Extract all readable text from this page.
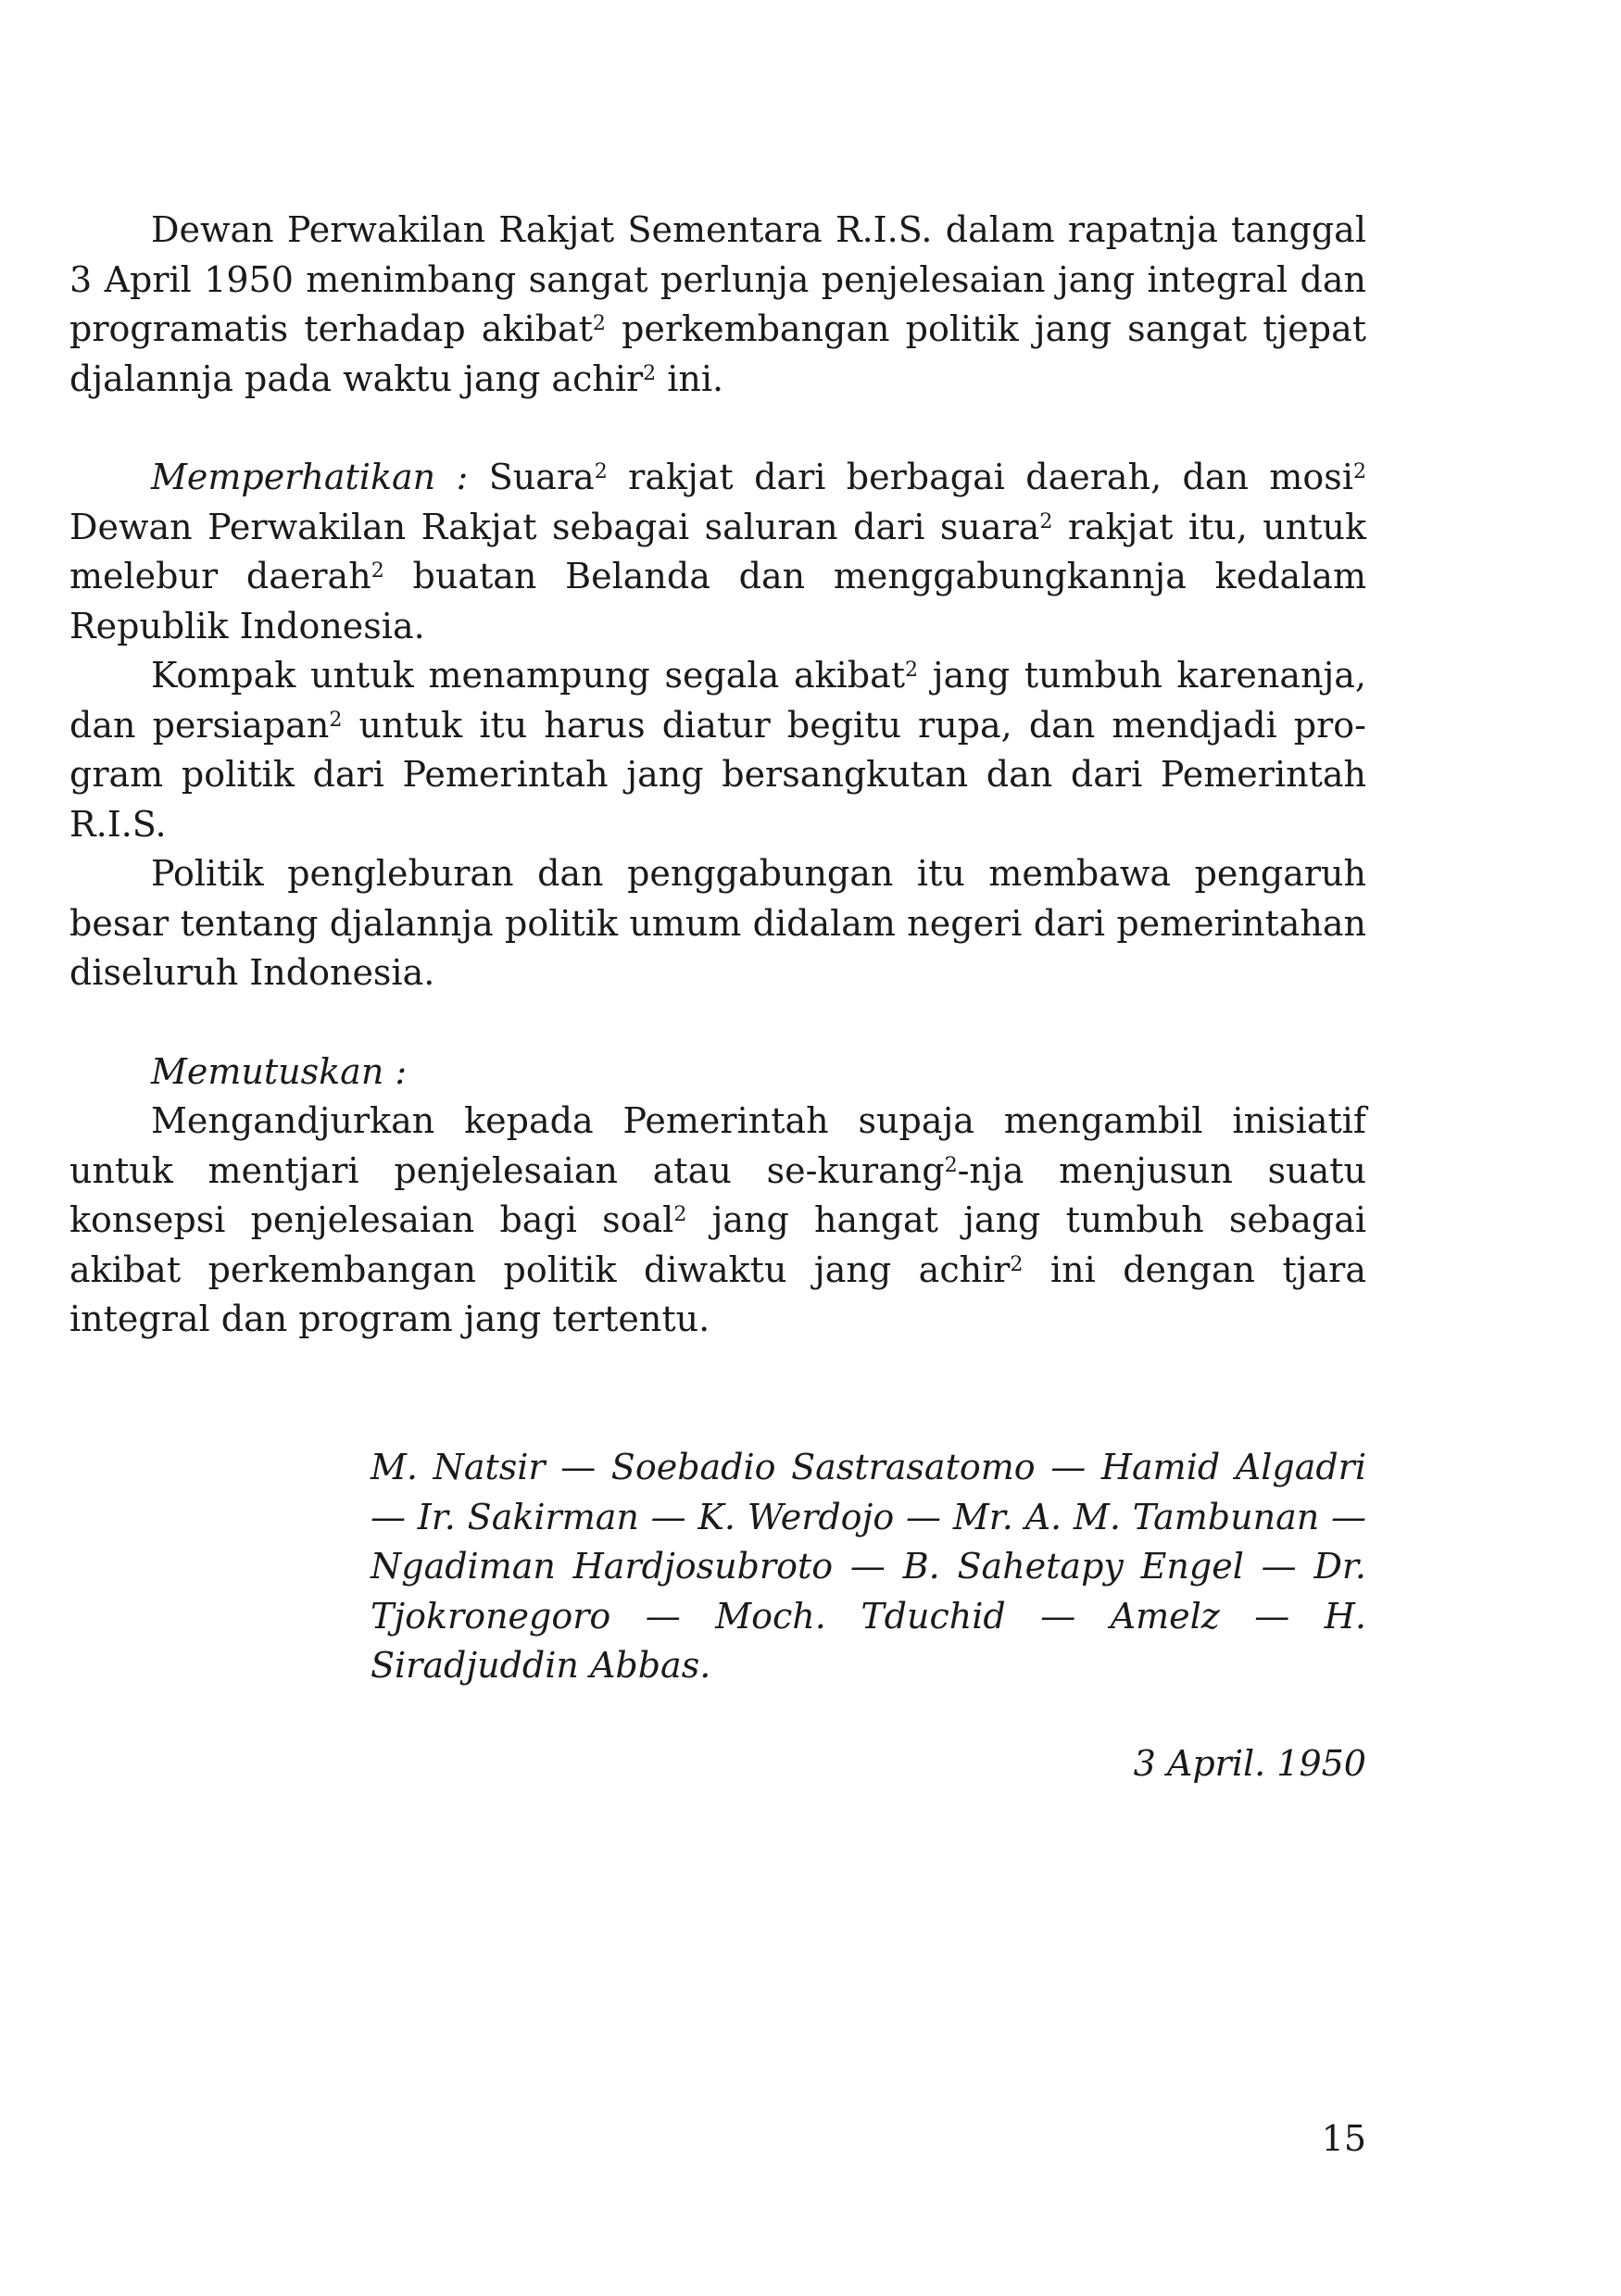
Dewan Perwakilan Rakjat Sementara R.I.S. dalam rapatnja tanggal 3 April 1950 menimbang sangat perlunja penjelesaian jang integral dan programatis terhadap akibat$^2$ perkembangan politik jang sangat tjepat djalannja pada waktu jang achir$^2$ ini.

Memperhatikan : Suara$^2$ rakjat dari berbagai daerah, dan mosi$^2$ Dewan Perwakilan Rakjat sebagai saluran dari suara$^2$ rakjat itu, untuk melebur daerah$^2$ buatan Belanda dan menggabungkannja kedalam Republik Indonesia.

Kompak untuk menampung segala akibat$^2$ jang tumbuh karenanja, dan persiapan$^2$ untuk itu harus diatur begitu rupa, dan mendjadi program politik dari Pemerintah jang bersangkutan dan dari Pemerintah R.I.S.

Politik pengleburan dan penggabungan itu membawa pengaruh besar tentang djalannja politik umum didalam negeri dari pemerintahan diseluruh Indonesia.

Memutuskan :

Mengandjurkan kepada Pemerintah supaja mengambil inisiatif untuk mentjari penjelesaian atau se-kurang$^2$-nja menjusun suatu konsepsi penjelesaian bagi soal$^2$ jang hangat jang tumbuh sebagai akibat perkembangan politik diwaktu jang achir$^2$ ini dengan tjara integral dan program jang tertentu.

M. Natsir — Soebadio Sastrasatomo — Hamid Algadri — Ir. Sakirman — K. Werdojo — Mr. A. M. Tambunan — Ngadiman Hardjosubroto — B. Sahetapy Engel — Dr. Tjokronegoro — Moch. Tduchid — Amelz — H. Siradjuddin Abbas.
3 April. 1950
15
